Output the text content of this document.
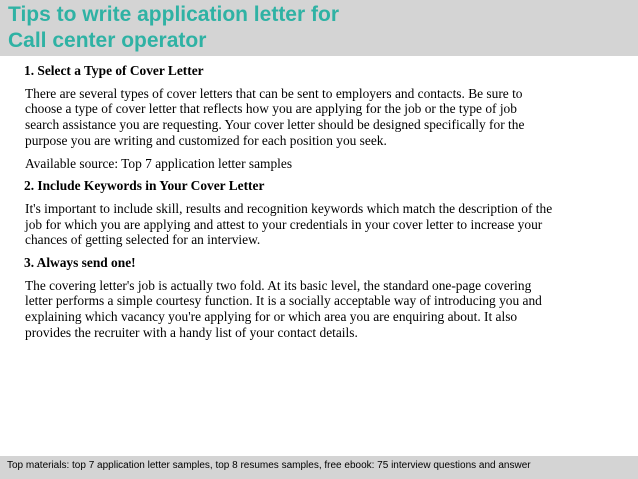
Tips to write application letter for
Call center operator

1. Select a Type of Cover Letter

There are several types of cover letters that can be sent to employers and contacts. Be sure to
choose a type of cover letter that reflects how you are applying for the job or the type of job
search assistance you are requesting. Your cover letter should be designed specifically for the
purpose you are writing and customized for each position you seek.

Available source: Top 7 application letter samples

2. Include Keywords in Your Cover Letter

It's important to include skill, results and recognition keywords which match the description of the
job for which you are applying and attest to your credentials in your cover letter to increase your
chances of getting selected for an interview.

3. Always send one!

The covering letter's job is actually two fold. At its basic level, the standard one-page covering
letter performs a simple courtesy function. It is a socially acceptable way of introducing you and
explaining which vacancy you're applying for or which area you are enquiring about. It also
provides the recruiter with a handy list of your contact details.

Top materials: top 7 application letter samples, top 8 resumes samples, free ebook: 75 interview questions and answer
